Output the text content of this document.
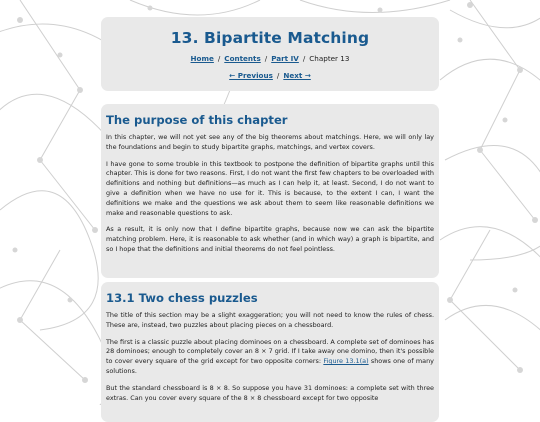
13. Bipartite Matching
Home / Contents / Part IV / Chapter 13
← Previous / Next →
The purpose of this chapter

In this chapter, we will not yet see any of the big theorems about matchings. Here, we will only lay the foundations and begin to study bipartite graphs, matchings, and vertex covers.

I have gone to some trouble in this textbook to postpone the definition of bipartite graphs until this chapter. This is done for two reasons. First, I do not want the first few chapters to be overloaded with definitions and nothing but definitions—as much as I can help it, at least. Second, I do not want to give a definition when we have no use for it. This is because, to the extent I can, I want the definitions we make and the questions we ask about them to seem like reasonable definitions we make and reasonable questions to ask.

As a result, it is only now that I define bipartite graphs, because now we can ask the bipartite matching problem. Here, it is reasonable to ask whether (and in which way) a graph is bipartite, and so I hope that the definitions and initial theorems do not feel pointless.

13.1 Two chess puzzles

The title of this section may be a slight exaggeration; you will not need to know the rules of chess. These are, instead, two puzzles about placing pieces on a chessboard.

The first is a classic puzzle about placing dominoes on a chessboard. A complete set of dominoes has 28 dominoes; enough to completely cover an 8 × 7 grid. If I take away one domino, then it's possible to cover every square of the grid except for two opposite corners: Figure 13.1(a) shows one of many solutions.

But the standard chessboard is 8 × 8. So suppose you have 31 dominoes: a complete set with three extras. Can you cover every square of the 8 × 8 chessboard except for two opposite
